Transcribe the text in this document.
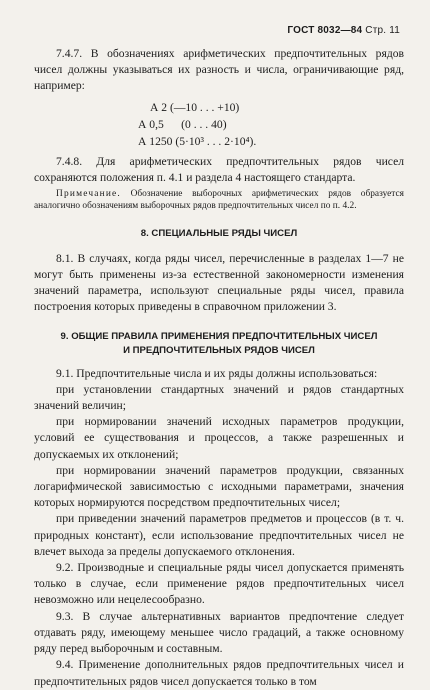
ГОСТ 8032—84 Стр. 11

7.4.7. В обозначениях арифметических предпочтительных рядов чисел должны указываться их разность и числа, ограничивающие ряд, например:

А 2 (—10 . . . +10)
А 0,5      (0 . . . 40)
А 1250 (5·10³ . . . 2·10⁴).

7.4.8. Для арифметических предпочтительных рядов чисел сохраняются положения п. 4.1 и раздела 4 настоящего стандарта.

Примечание. Обозначение выборочных арифметических рядов образуется аналогично обозначениям выборочных рядов предпочтительных чисел по п. 4.2.

8. СПЕЦИАЛЬНЫЕ РЯДЫ ЧИСЕЛ

8.1. В случаях, когда ряды чисел, перечисленные в разделах 1—7 не могут быть применены из-за естественной закономерности изменения значений параметра, используют специальные ряды чисел, правила построения которых приведены в справочном приложении 3.

9. ОБЩИЕ ПРАВИЛА ПРИМЕНЕНИЯ ПРЕДПОЧТИТЕЛЬНЫХ ЧИСЕЛ
И ПРЕДПОЧТИТЕЛЬНЫХ РЯДОВ ЧИСЕЛ

9.1. Предпочтительные числа и их ряды должны использоваться:

при установлении стандартных значений и рядов стандартных значений величин;

при нормировании значений исходных параметров продукции, условий ее существования и процессов, а также разрешенных и допускаемых их отклонений;

при нормировании значений параметров продукции, связанных логарифмической зависимостью с исходными параметрами, значения которых нормируются посредством предпочтительных чисел;

при приведении значений параметров предметов и процессов (в т. ч. природных констант), если использование предпочтительных чисел не влечет выхода за пределы допускаемого отклонения.

9.2. Производные и специальные ряды чисел допускается применять только в случае, если применение рядов предпочтительных чисел невозможно или нецелесообразно.

9.3. В случае альтернативных вариантов предпочтение следует отдавать ряду, имеющему меньшее число градаций, а также основному ряду перед выборочным и составным.

9.4. Применение дополнительных рядов предпочтительных чисел и предпочтительных рядов чисел допускается только в том
